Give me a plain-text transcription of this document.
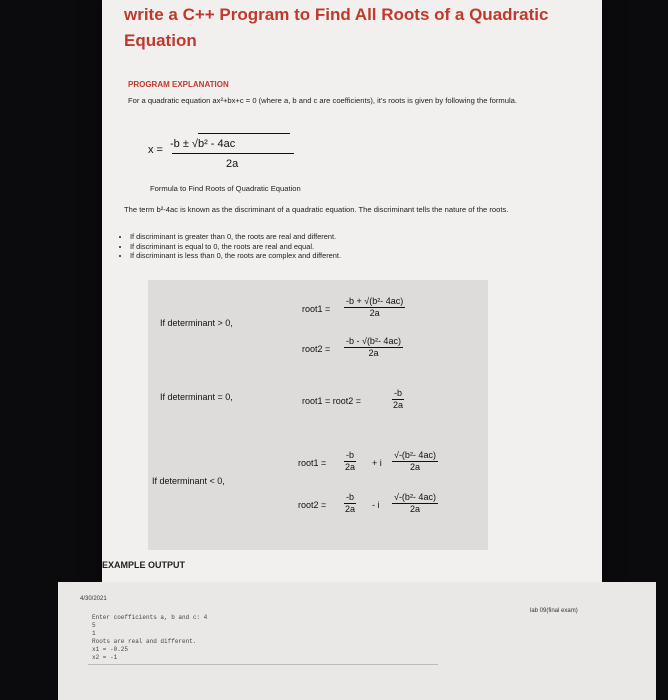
write a C++ Program to Find All Roots of a Quadratic Equation
PROGRAM EXPLANATION
For a quadratic equation ax²+bx+c = 0 (where a, b and c are coefficients), it's roots is given by following the formula.
x = -b ± √b² - 4ac
2a
Formula to Find Roots of Quadratic Equation
The term b²-4ac is known as the discriminant of a quadratic equation. The discriminant tells the nature of the roots.
• If discriminant is greater than 0, the roots are real and different.
• If discriminant is equal to 0, the roots are real and equal.
• If discriminant is less than 0, the roots are complex and different.
If determinant > 0,
root1 = $\frac{\text{-b + √(b²- 4ac)}}{2a}$
root2 = $\frac{\text{-b - √(b²- 4ac)}}{2a}$
If determinant = 0,	root1 = root2 =	$\frac{-b}{2a}$
If determinant < 0,
root1 = $\frac{-b}{2a} + i \frac{\text{√-(b²- 4ac)}}{2a}$
root2 = $\frac{-b}{2a}$ - i $\frac{\text{√-(b²- 4ac)}}{2a}$
EXAMPLE OUTPUT
4/30/2021
lab 09(final exam)
Enter coefficients a, b and c: 4
5
1
Roots are real and different.
x1 = -0.25
x2 = -1
